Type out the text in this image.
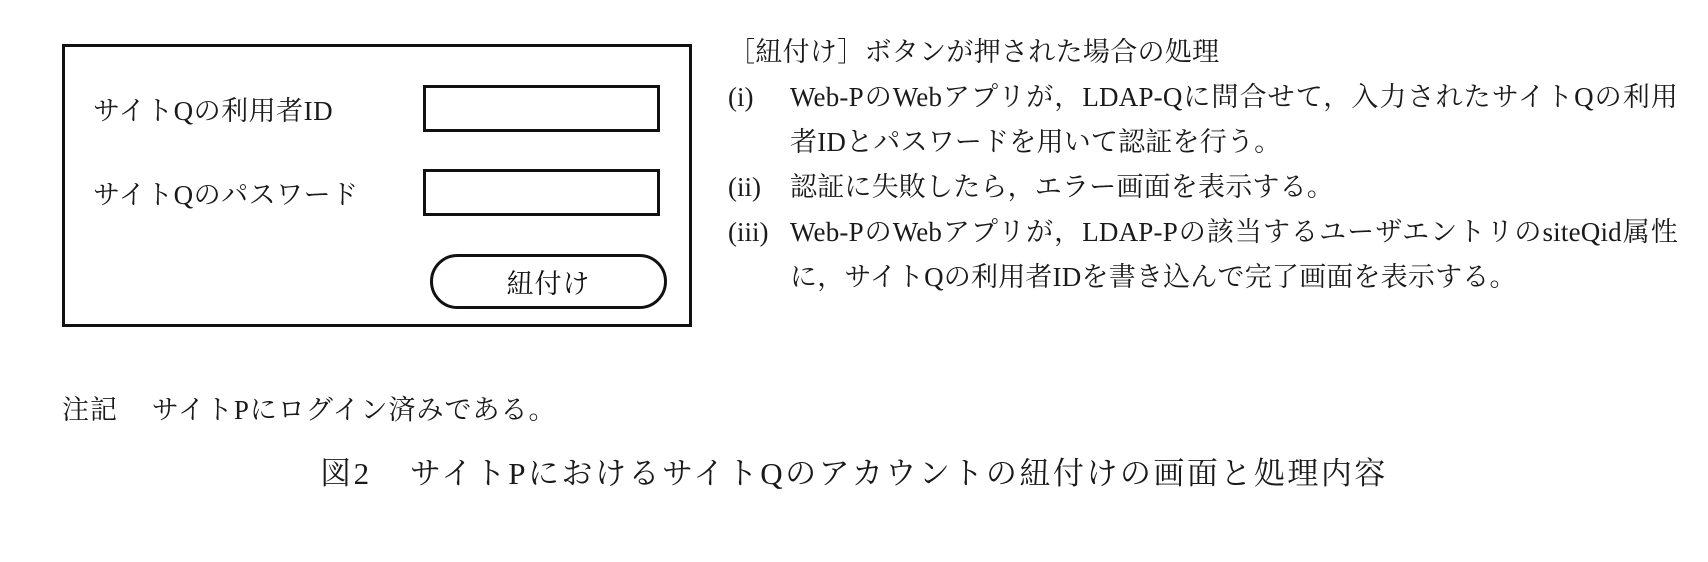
サイトQの利用者ID
サイトQのパスワード
紐付け
［紐付け］ボタンが押された場合の処理
(i)	Web-PのWebアプリが，LDAP-Qに問合せて，入力されたサイトQの利用者IDとパスワードを用いて認証を行う。
(ii)	認証に失敗したら，エラー画面を表示する。
(iii) Web-PのWebアプリが，LDAP-Pの該当するユーザエントリのsiteQid属性に，サイトQの利用者IDを書き込んで完了画面を表示する。
注記 サイトPにログイン済みである。
図2 サイトPにおけるサイトQのアカウントの紐付けの画面と処理内容
